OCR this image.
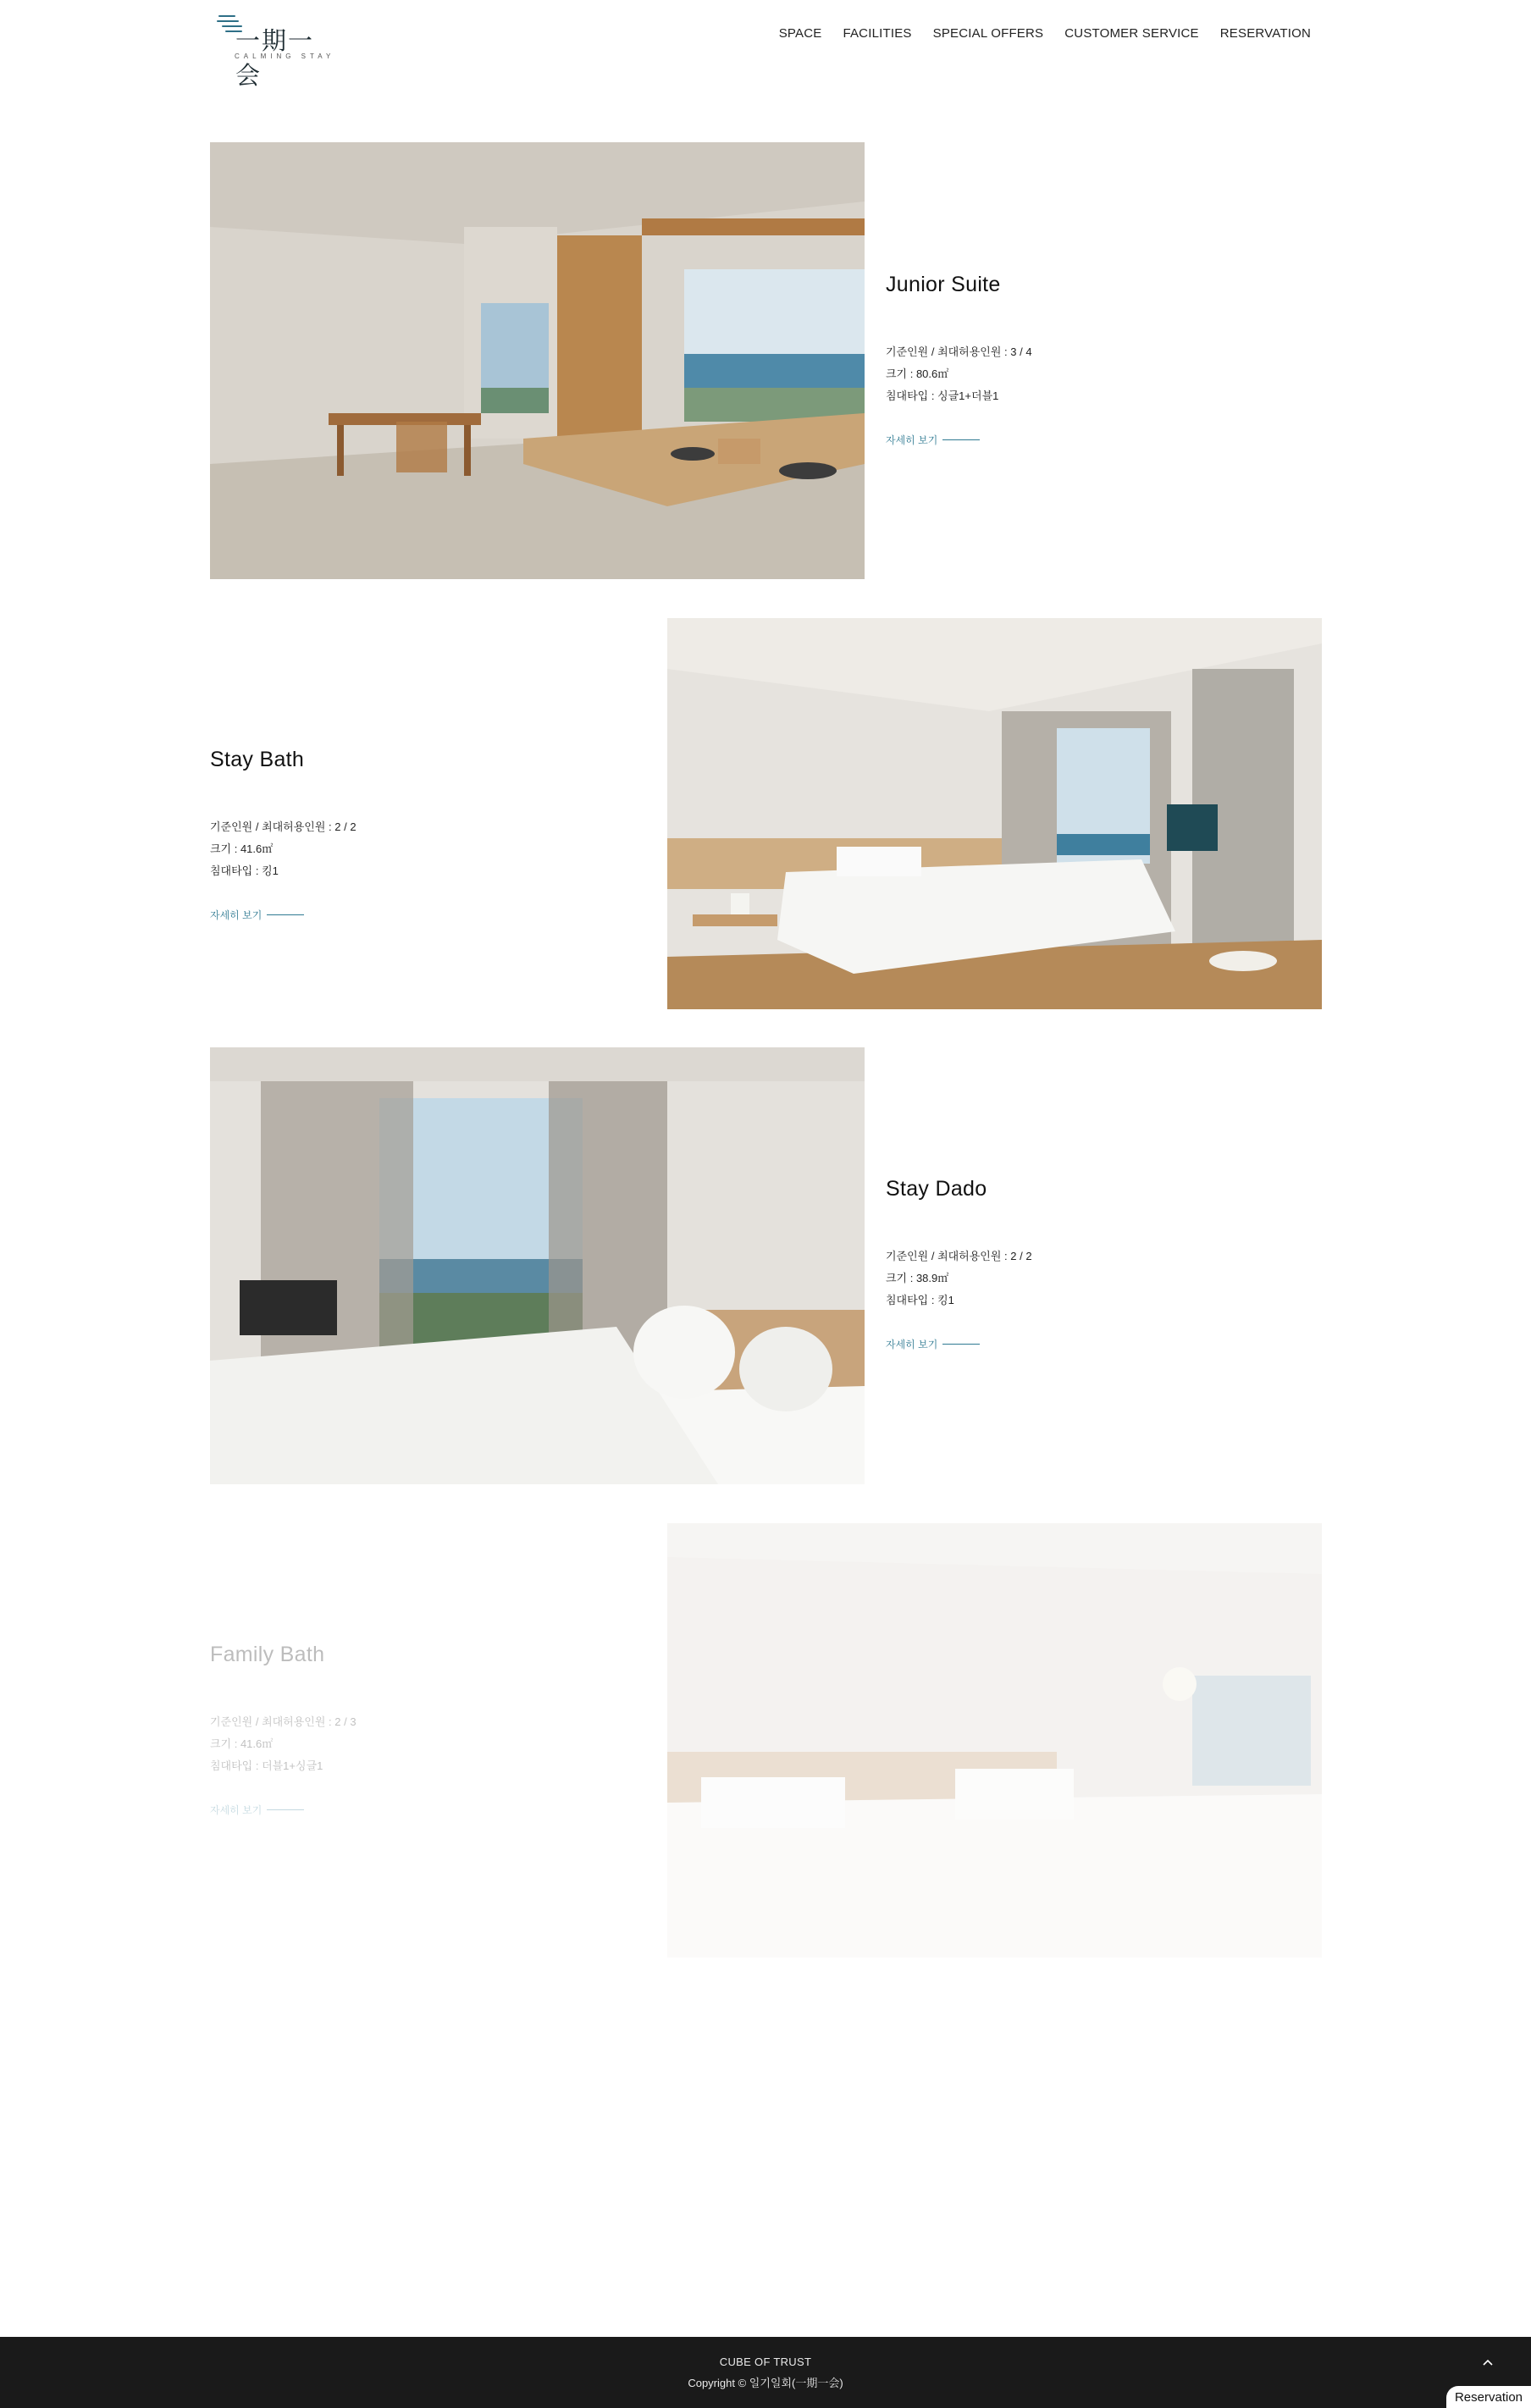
一期一会
CALMING STAY
SPACE FACILITIES SPECIAL OFFERS CUSTOMER SERVICE RESERVATION
Junior Suite
기준인원 / 최대허용인원 : 3 / 4
크기 : 80.6㎡
침대타입 : 싱글1+더블1
자세히 보기
Stay Bath
기준인원 / 최대허용인원 : 2 / 2
크기 : 41.6㎡
침대타입 : 킹1
자세히 보기
Stay Dado
기준인원 / 최대허용인원 : 2 / 2
크기 : 38.9㎡
침대타입 : 킹1
자세히 보기
Family Bath
기준인원 / 최대허용인원 : 2 / 3
크기 : 41.6㎡
침대타입 : 더블1+싱글1
자세히 보기
CUBE OF TRUST
Copyright © 일기일회(一期一会)
Reservation
